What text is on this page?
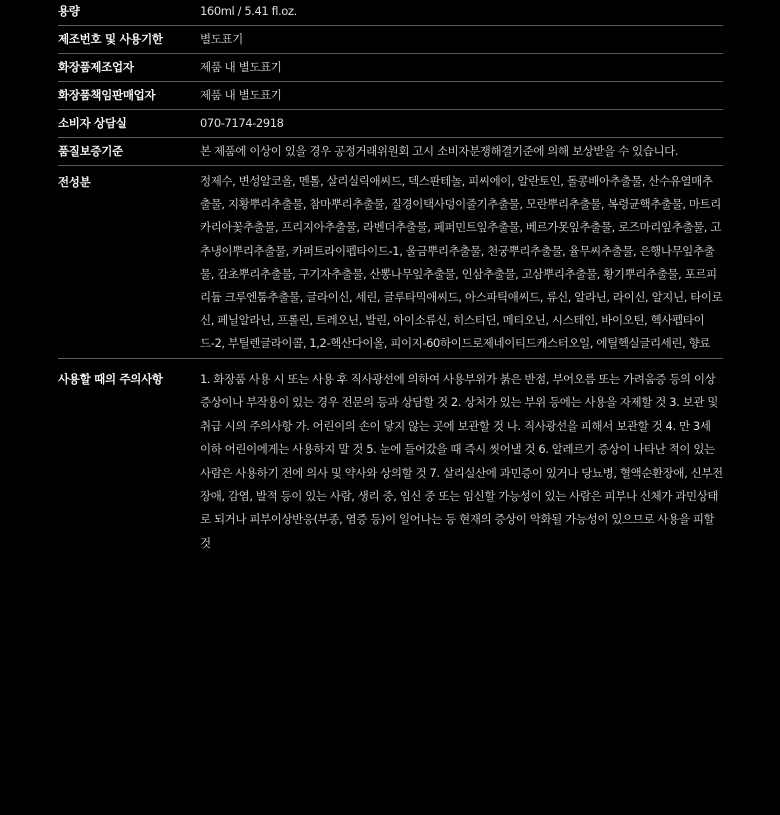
용량	160ml / 5.41 fl.oz.
제조번호 및 사용기한	별도표기
화장품제조업자	제품 내 별도표기
화장품책임판매업자	제품 내 별도표기
소비자 상담실	070-7174-2918
품질보증기준	본 제품에 이상이 있을 경우 공정거래위원회 고시 소비자분쟁해결기준에 의해 보상받을 수 있습니다.
전성분	정제수, 변성알코올, 멘톨, 살리실릭애씨드, 덱스판테놀, 피씨에이, 알란토인, 돌콩배아추출물, 산수유열매추출물, 지황뿌리추출물, 참마뿌리추출물, 질경이택사덩이줄기추출물, 모란뿌리추출물, 복령균핵추출물, 마트리카리아꽃추출물, 프리지아추출물, 라벤더추출물, 페퍼민트잎추출물, 베르가못잎추출물, 로즈마리잎추출물, 고추냉이뿌리추출물, 카퍼트라이펩타이드-1, 울금뿌리추출물, 천궁뿌리추출물, 율무씨추출물, 은행나무잎추출물, 감초뿌리추출물, 구기자추출물, 산뽕나무잎추출물, 인삼추출물, 고삼뿌리추출물, 황기뿌리추출물, 포르피리듐 크루엔툼추출물, 글라이신, 세린, 글루타믹애씨드, 아스파틱애씨드, 류신, 알라닌, 라이신, 알지닌, 타이로신, 페닐알라닌, 프롤린, 트레오닌, 발린, 아이소류신, 히스티딘, 메티오닌, 시스테인, 바이오틴, 헥사펩타이드-2, 부틸렌글라이콜, 1,2-헥산다이올, 피이지-60하이드로제네이티드캐스터오일, 에틸헥실글리세린, 향료
사용할 때의 주의사항	1. 화장품 사용 시 또는 사용 후 직사광선에 의하여 사용부위가 붉은 반점, 부어오름 또는 가려움증 등의 이상 증상이나 부작용이 있는 경우 전문의 등과 상담할 것 2. 상처가 있는 부위 등에는 사용을 자제할 것 3. 보관 및 취급 시의 주의사항 가. 어린이의 손이 닿지 않는 곳에 보관할 것 나. 직사광선을 피해서 보관할 것 4. 만 3세 이하 어린이에게는 사용하지 말 것 5. 눈에 들어갔을 때 즉시 씻어낼 것 6. 알레르기 증상이 나타난 적이 있는 사람은 사용하기 전에 의사 및 약사와 상의할 것 7. 살리실산에 과민증이 있거나 당뇨병, 혈액순환장애, 신부전장애, 감염, 발적 등이 있는 사람, 생리 중, 임신 중 또는 임신할 가능성이 있는 사람은 피부나 신체가 과민상태로 되거나 피부이상반응(부종, 염증 등)이 일어나는 등 현재의 증상이 악화될 가능성이 있으므로 사용을 피할 것
